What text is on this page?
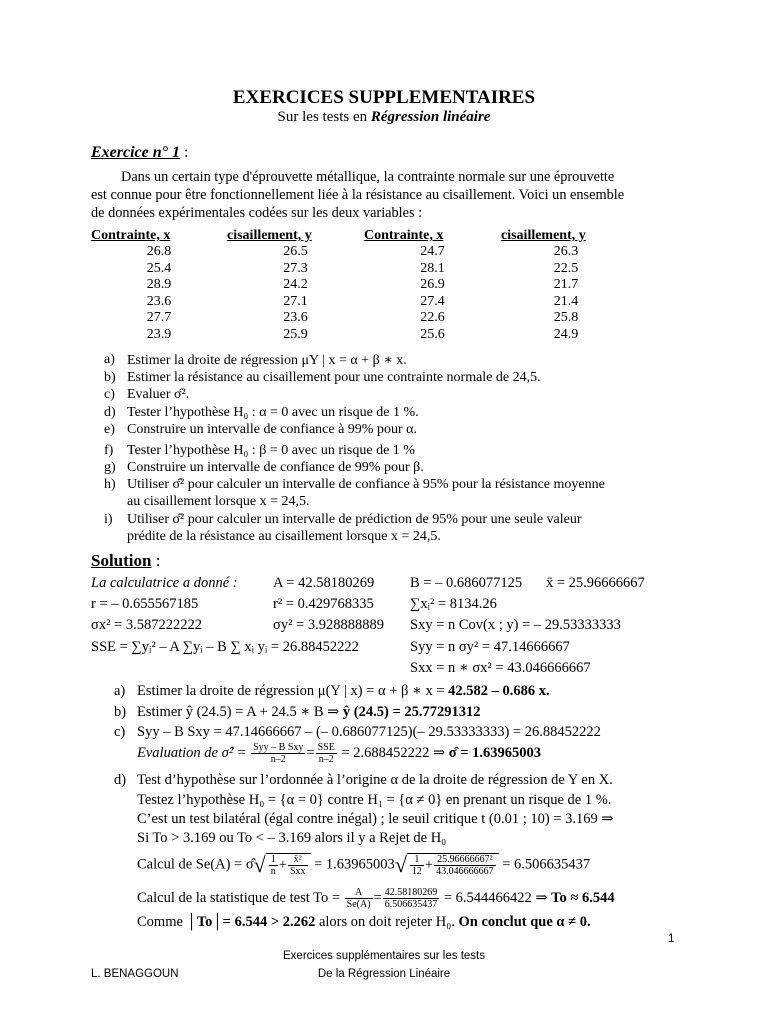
EXERCICES SUPPLEMENTAIRES
Sur les tests en Régression linéaire
Exercice n° 1 :
Dans un certain type d'éprouvette métallique, la contrainte normale sur une éprouvette
est connue pour être fonctionnellement liée à la résistance au cisaillement. Voici un ensemble
de données expérimentales codées sur les deux variables :
Contrainte, x	cisaillement, y	Contrainte, x	cisaillement, y
26.8	26.5	24.7	26.3
25.4	27.3	28.1	22.5
28.9	24.2	26.9	21.7
23.6	27.1	27.4	21.4
27.7	23.6	22.6	25.8
23.9	25.9	25.6	24.9
a) Estimer la droite de régression μY | x = α + β ∗ x.
b) Estimer la résistance au cisaillement pour une contrainte normale de 24,5.
c) Evaluer σ̂².
d) Tester l’hypothèse H₀ : α = 0 avec un risque de 1 %.
e) Construire un intervalle de confiance à 99% pour α.
f) Tester l’hypothèse H₀ : β = 0 avec un risque de 1 %
g) Construire un intervalle de confiance de 99% pour β.
h) Utiliser σ̂² pour calculer un intervalle de confiance à 95% pour la résistance moyenne
au cisaillement lorsque x = 24,5.
i) Utiliser σ̂² pour calculer un intervalle de prédiction de 95% pour une seule valeur
prédite de la résistance au cisaillement lorsque x = 24,5.
Solution :
La calculatrice a donné : A = 42.58180269 B = – 0.686077125 x̄ = 25.96666667
r = – 0.655567185	r² = 0.429768335	∑xᵢ² = 8134.26
σx² = 3.587222222	σy² = 3.928888889 Sxy = n Cov(x ; y) = – 29.53333333
SSE = ∑yᵢ² – A ∑yᵢ – B ∑ xᵢ yᵢ = 26.88452222	Syy = n σy² = 47.14666667
Sxx = n ∗ σx² = 43.046666667
a) Estimer la droite de régression μ(Y | x) = α + β ∗ x = 42.582 – 0.686 x.
b) Estimer ŷ (24.5) = A + 24.5 ∗ B ⇒ ŷ (24.5) = 25.77291312
c) Syy – B Sxy = 47.14666667 – (– 0.686077125)(– 29.53333333) = 26.88452222
Evaluation de σ̂² = $\frac{\text{Syy – B Sxy}}{n-2} = \frac{\text{SSE}}{n-2} = 2.688452222$ ⇒ σ̂ = 1.63965003
d) Test d’hypothèse sur l’ordonnée à l’origine α de la droite de régression de Y en X.
Testez l’hypothèse H₀ = {α = 0} contre H₁ = {α ≠ 0} en prenant un risque de 1 %.
C’est un test bilatéral (égal contre inégal) ; le seuil critique t (0.01 ; 10) = 3.169 ⇒
Si To > 3.169 ou To < – 3.169 alors il y a Rejet de H₀
Calcul de Se(A) = σ̂√ $\frac{1}{n} + \frac{\text{x̄²}}{\text{Sxx}} = 1.63965003√ \frac{1}{12} + \frac{\text{25.96666667²}}{43.046666667} = 6.506635437$
Calcul de la statistique de test $To = \frac{A}{Se(A)} = \frac{42.58180269}{6.506635437} = 6.544466422$ ⇒ To ≈ 6.544
Comme │To│= 6.544 > 2.262 alors on doit rejeter H₀. On conclut que α ≠ 0.
1
Exercices supplémentaires sur les tests
L. BENAGGOUN	De la Régression Linéaire
